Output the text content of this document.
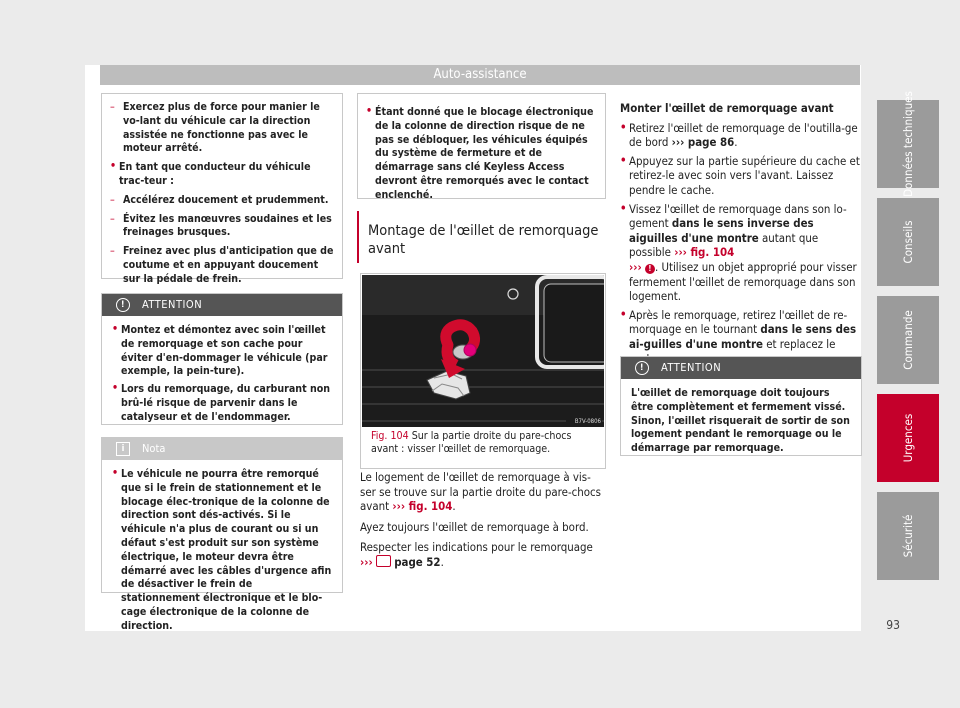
Auto-assistance
– Exercez plus de force pour manier le vo-lant du véhicule car la direction assistée ne fonctionne pas avec le moteur arrêté.
• En tant que conducteur du véhicule trac-teur :
– Accélérez doucement et prudemment.
– Évitez les manœuvres soudaines et les freinages brusques.
– Freinez avec plus d'anticipation que de coutume et en appuyant doucement sur la pédale de frein.
!	ATTENTION
• Montez et démontez avec soin l'œillet de remorquage et son cache pour éviter d'en-dommager le véhicule (par exemple, la pein-ture).
• Lors du remorquage, du carburant non brû-lé risque de parvenir dans le catalyseur et de l'endommager.
i	Nota
• Le véhicule ne pourra être remorqué que si le frein de stationnement et le blocage élec-tronique de la colonne de direction sont dés-activés. Si le véhicule n'a plus de courant ou si un défaut s'est produit sur son système électrique, le moteur devra être démarré avec les câbles d'urgence afin de désactiver le frein de stationnement électronique et le blo-cage électronique de la colonne de direction.
• Étant donné que le blocage électronique de la colonne de direction risque de ne pas se débloquer, les véhicules équipés du système de fermeture et de démarrage sans clé Keyless Access devront être remorqués avec le contact enclenché.
Montage de l'œillet de remorquage
avant
B7V-0806
Fig. 104 Sur la partie droite du pare-chocs avant : visser l'œillet de remorquage.

Le logement de l'œillet de remorquage à vis-ser se trouve sur la partie droite du pare-chocs avant ››› fig. 104.

Ayez toujours l'œillet de remorquage à bord.

Respecter les indications pour le remorquage ››› page 52.

Monter l'œillet de remorquage avant
• Retirez l'œillet de remorquage de l'outilla-ge de bord ››› page 86.
• Appuyez sur la partie supérieure du cache et retirez-le avec soin vers l'avant. Laissez pendre le cache.
• Vissez l'œillet de remorquage dans son lo-gement dans le sens inverse des aiguilles d'une montre autant que possible ››› fig. 104
››› ! . Utilisez un objet approprié pour visser fermement l'œillet de remorquage dans son logement.
• Après le remorquage, retirez l'œillet de re-morquage en le tournant dans le sens des ai-guilles d'une montre et replacez le
!	ATTENTION
L'œillet de remorquage doit toujours être complètement et fermement vissé. Sinon, l'œillet risquerait de sortir de son logement pendant le remorquage ou le démarrage par remorquage.
Données techniques
Conseils
Commande
Urgences
Sécurité
93
